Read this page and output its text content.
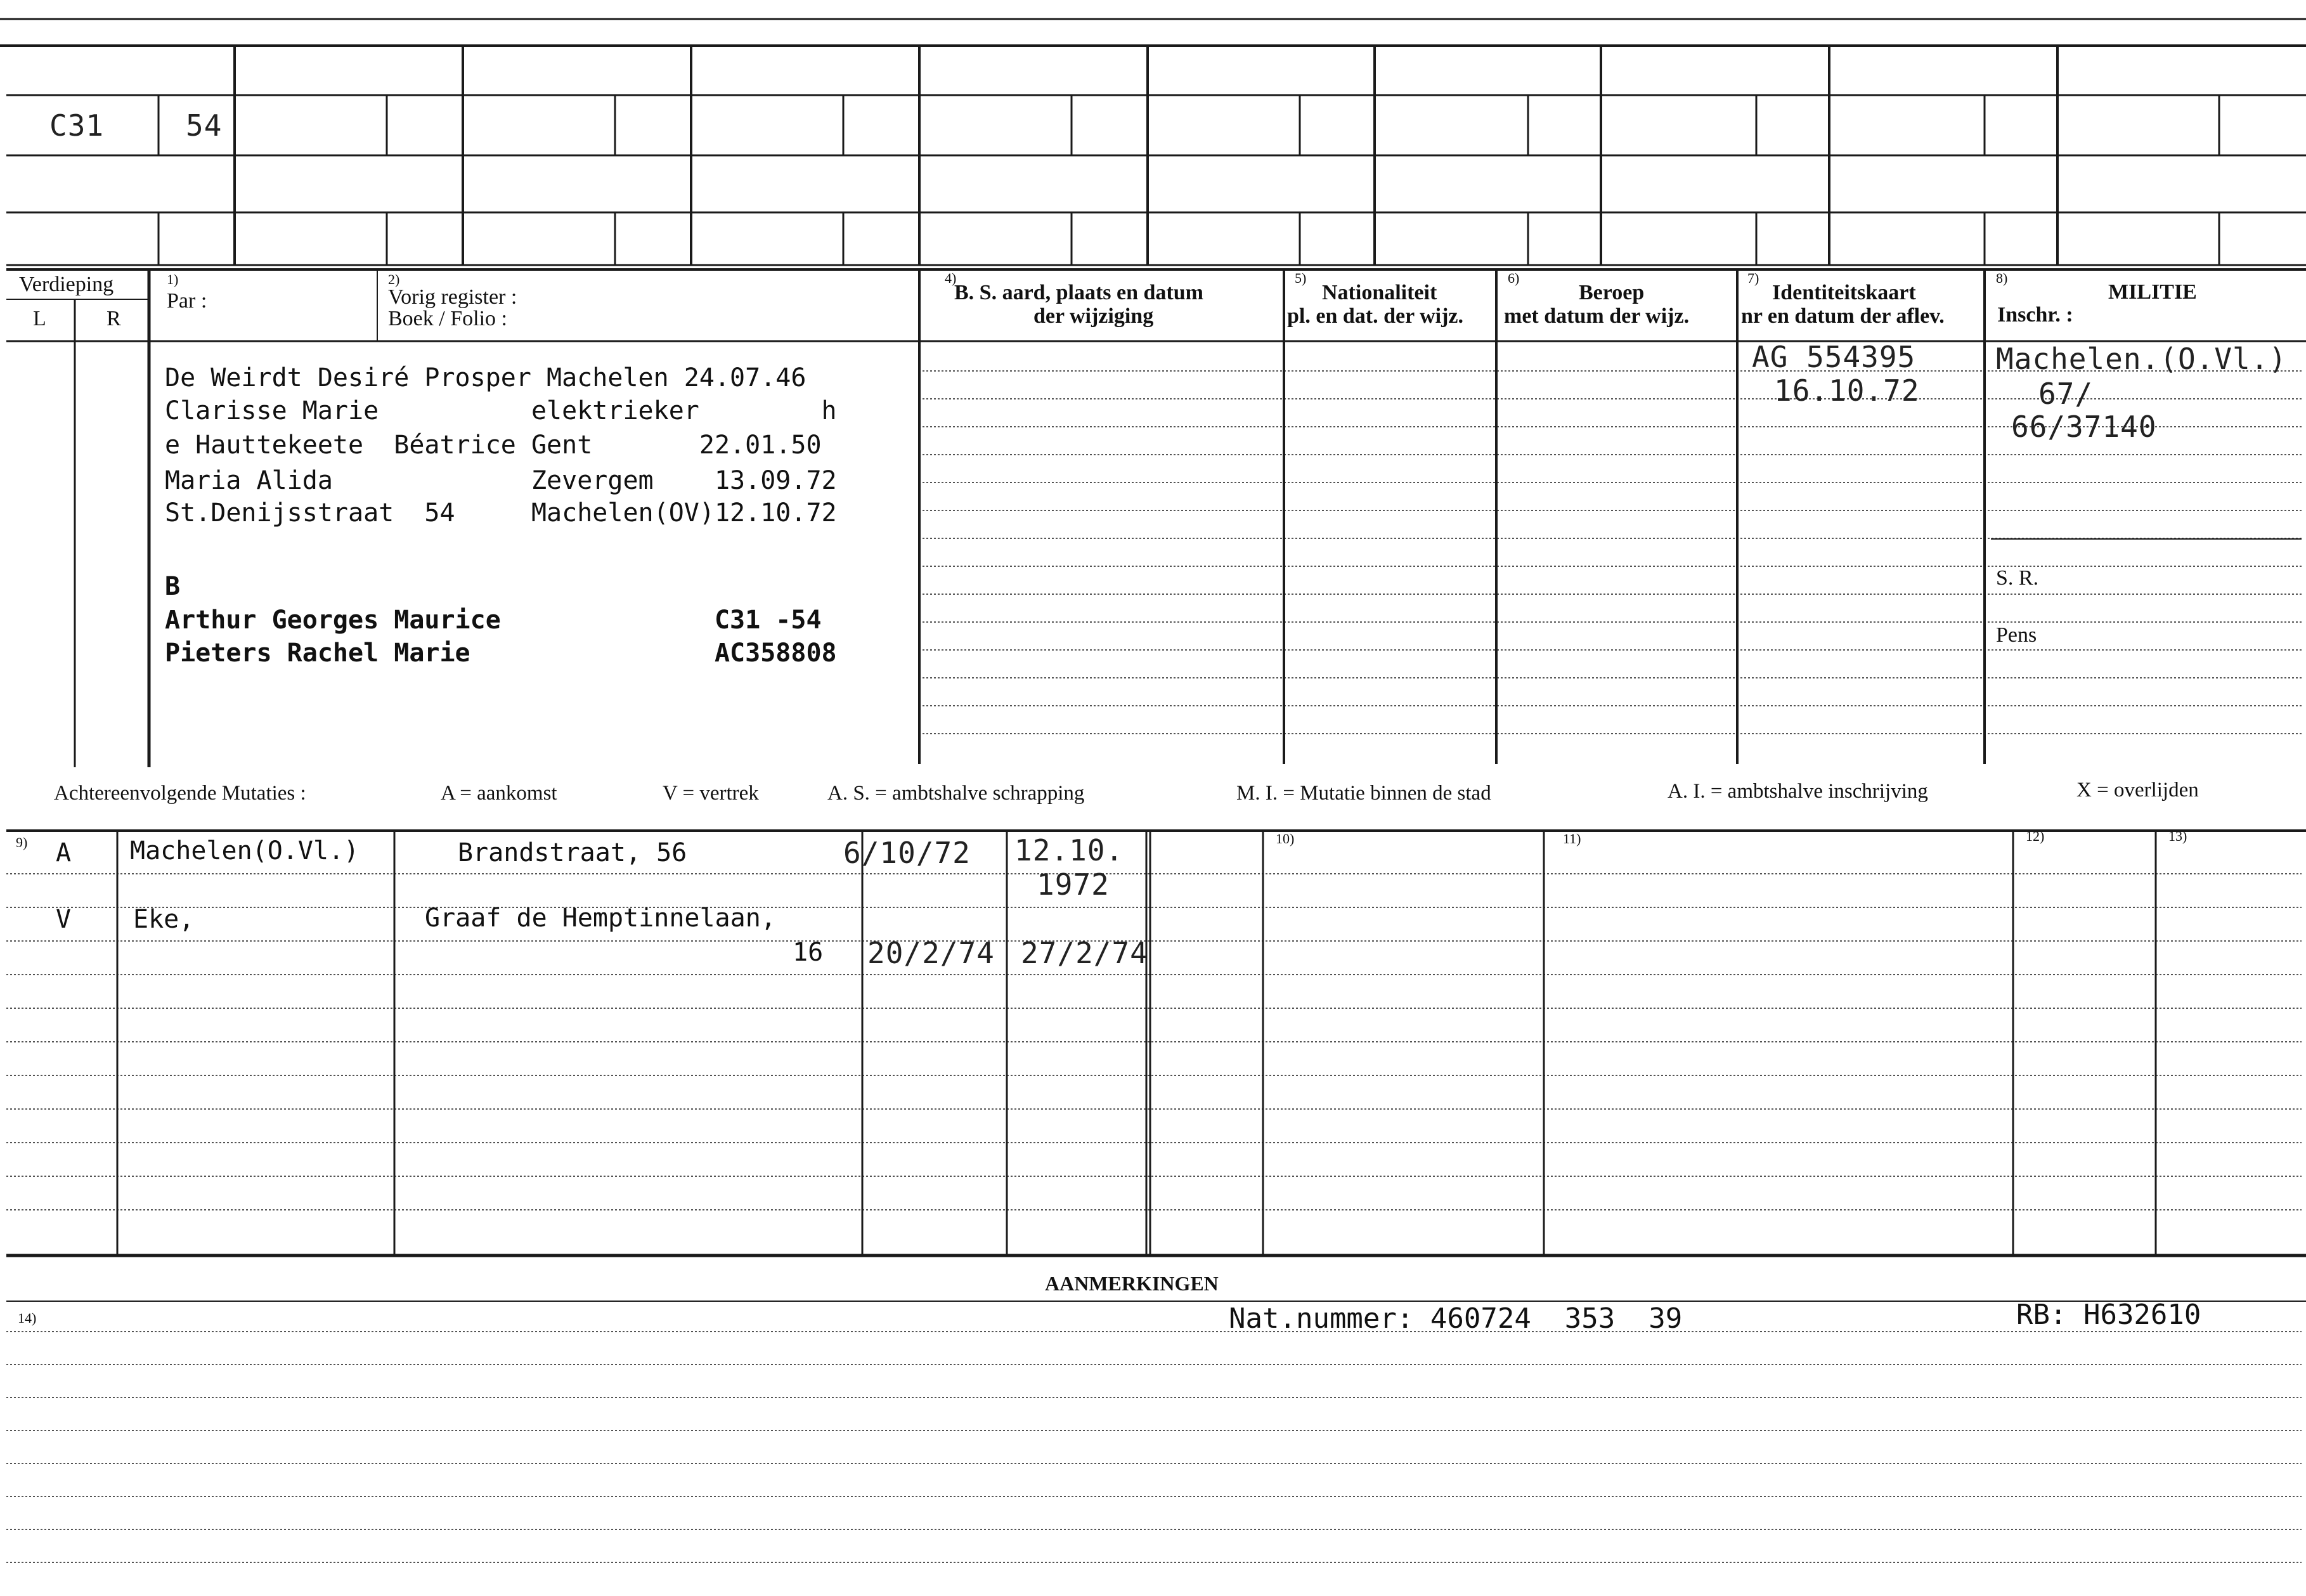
C31	54
Verdieping
L	R
1)
Par :
2)
Vorig register :
Boek / Folio :
4)
B. S. aard, plaats en datum
der wijziging
5)
Nationaliteit
pl. en dat. der wijz.
6)
Beroep
met datum der wijz.
7)
Identiteitskaart
nr en datum der aflev.
8)
MILITIE
Inschr. :
De Weirdt Desiré Prosper Machelen 24.07.46
Clarisse Marie          elektrieker        h
e Hauttekeete  Béatrice Gent       22.01.50
Maria Alida             Zevergem    13.09.72
St.Denijsstraat  54     Machelen(OV)12.10.72
B
Arthur Georges Maurice              C31 -54
Pieters Rachel Marie                AC358808
AG 554395
16.10.72
Machelen.(O.Vl.)
67/
66/37140
S. R.
Pens
Achtereenvolgende Mutaties :	A = aankomst	V = vertrek	A. S. = ambtshalve schrapping	M. I. = Mutatie binnen de stad	A. I. = ambtshalve inschrijving	X = overlijden
9)	10)	11)	12)	13)
A Machelen(O.Vl.)	Brandstraat, 56	6/10/72 12.10.
1972
V Eke,	Graaf de Hemptinnelaan,
16 20/2/74 27/2/74
AANMERKINGEN
14)	Nat.nummer: 460724  353  39	RB: H632610
